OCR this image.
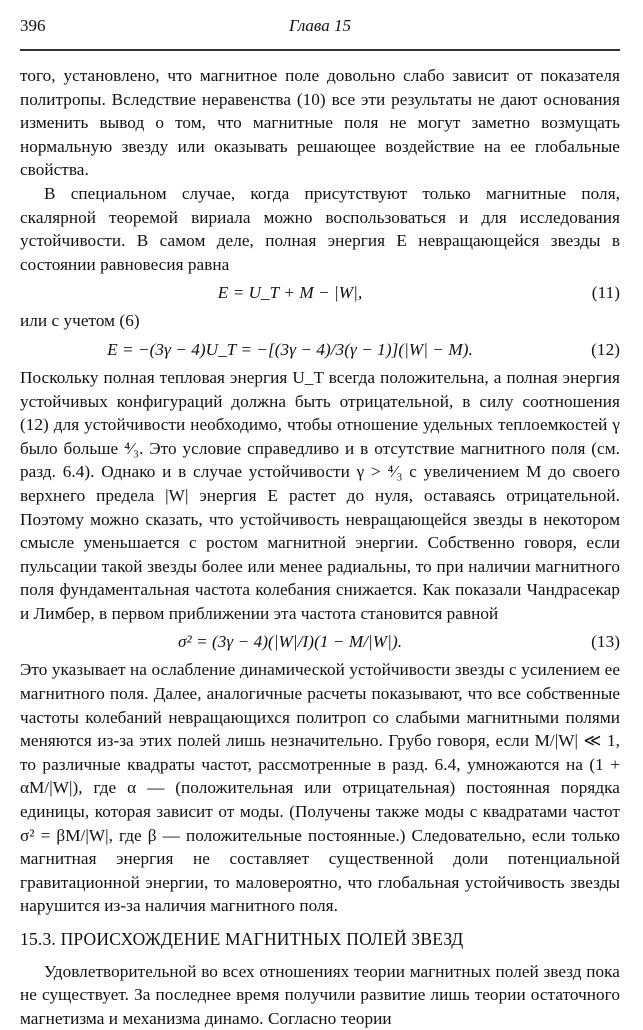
396	Глава 15

того, установлено, что магнитное поле довольно слабо зависит от показателя политропы. Вследствие неравенства (10) все эти результаты не дают основания изменить вывод о том, что магнитные поля не могут заметно возмущать нормальную звезду или оказывать решающее воздействие на ее глобальные свойства.

В специальном случае, когда присутствуют только магнитные поля, скалярной теоремой вириала можно воспользоваться и для исследования устойчивости. В самом деле, полная энергия E невращающейся звезды в состоянии равновесия равна

E = U_T + M − |W|,	(11)

или с учетом (6)

E = −(3γ − 4)U_T = −[(3γ − 4)/3(γ − 1)](|W| − M).	(12)

Поскольку полная тепловая энергия U_T всегда положительна, а полная энергия устойчивых конфигураций должна быть отрицательной, в силу соотношения (12) для устойчивости необходимо, чтобы отношение удельных теплоемкостей γ было больше ⁴⁄₃. Это условие справедливо и в отсутствие магнитного поля (см. разд. 6.4). Однако и в случае устойчивости γ > ⁴⁄₃ с увеличением M до своего верхнего предела |W| энергия E растет до нуля, оставаясь отрицательной. Поэтому можно сказать, что устойчивость невращающейся звезды в некотором смысле уменьшается с ростом магнитной энергии. Собственно говоря, если пульсации такой звезды более или менее радиальны, то при наличии магнитного поля фундаментальная частота колебания снижается. Как показали Чандрасекар и Лимбер, в первом приближении эта частота становится равной

σ² = (3γ − 4)(|W|/I)(1 − M/|W|).	(13)

Это указывает на ослабление динамической устойчивости звезды с усилением ее магнитного поля. Далее, аналогичные расчеты показывают, что все собственные частоты колебаний невращающихся политроп со слабыми магнитными полями меняются из-за этих полей лишь незначительно. Грубо говоря, если M/|W| ≪ 1, то различные квадраты частот, рассмотренные в разд. 6.4, умножаются на (1 + αM/|W|), где α — (положительная или отрицательная) постоянная порядка единицы, которая зависит от моды. (Получены также моды с квадратами частот σ² = βM/|W|, где β — положительные постоянные.) Следовательно, если только магнитная энергия не составляет существенной доли потенциальной гравитационной энергии, то маловероятно, что глобальная устойчивость звезды нарушится из-за наличия магнитного поля.

15.3. ПРОИСХОЖДЕНИЕ МАГНИТНЫХ ПОЛЕЙ ЗВЕЗД

Удовлетворительной во всех отношениях теории магнитных полей звезд пока не существует. За последнее время получили развитие лишь теории остаточного магнетизма и механизма динамо. Согласно теории
